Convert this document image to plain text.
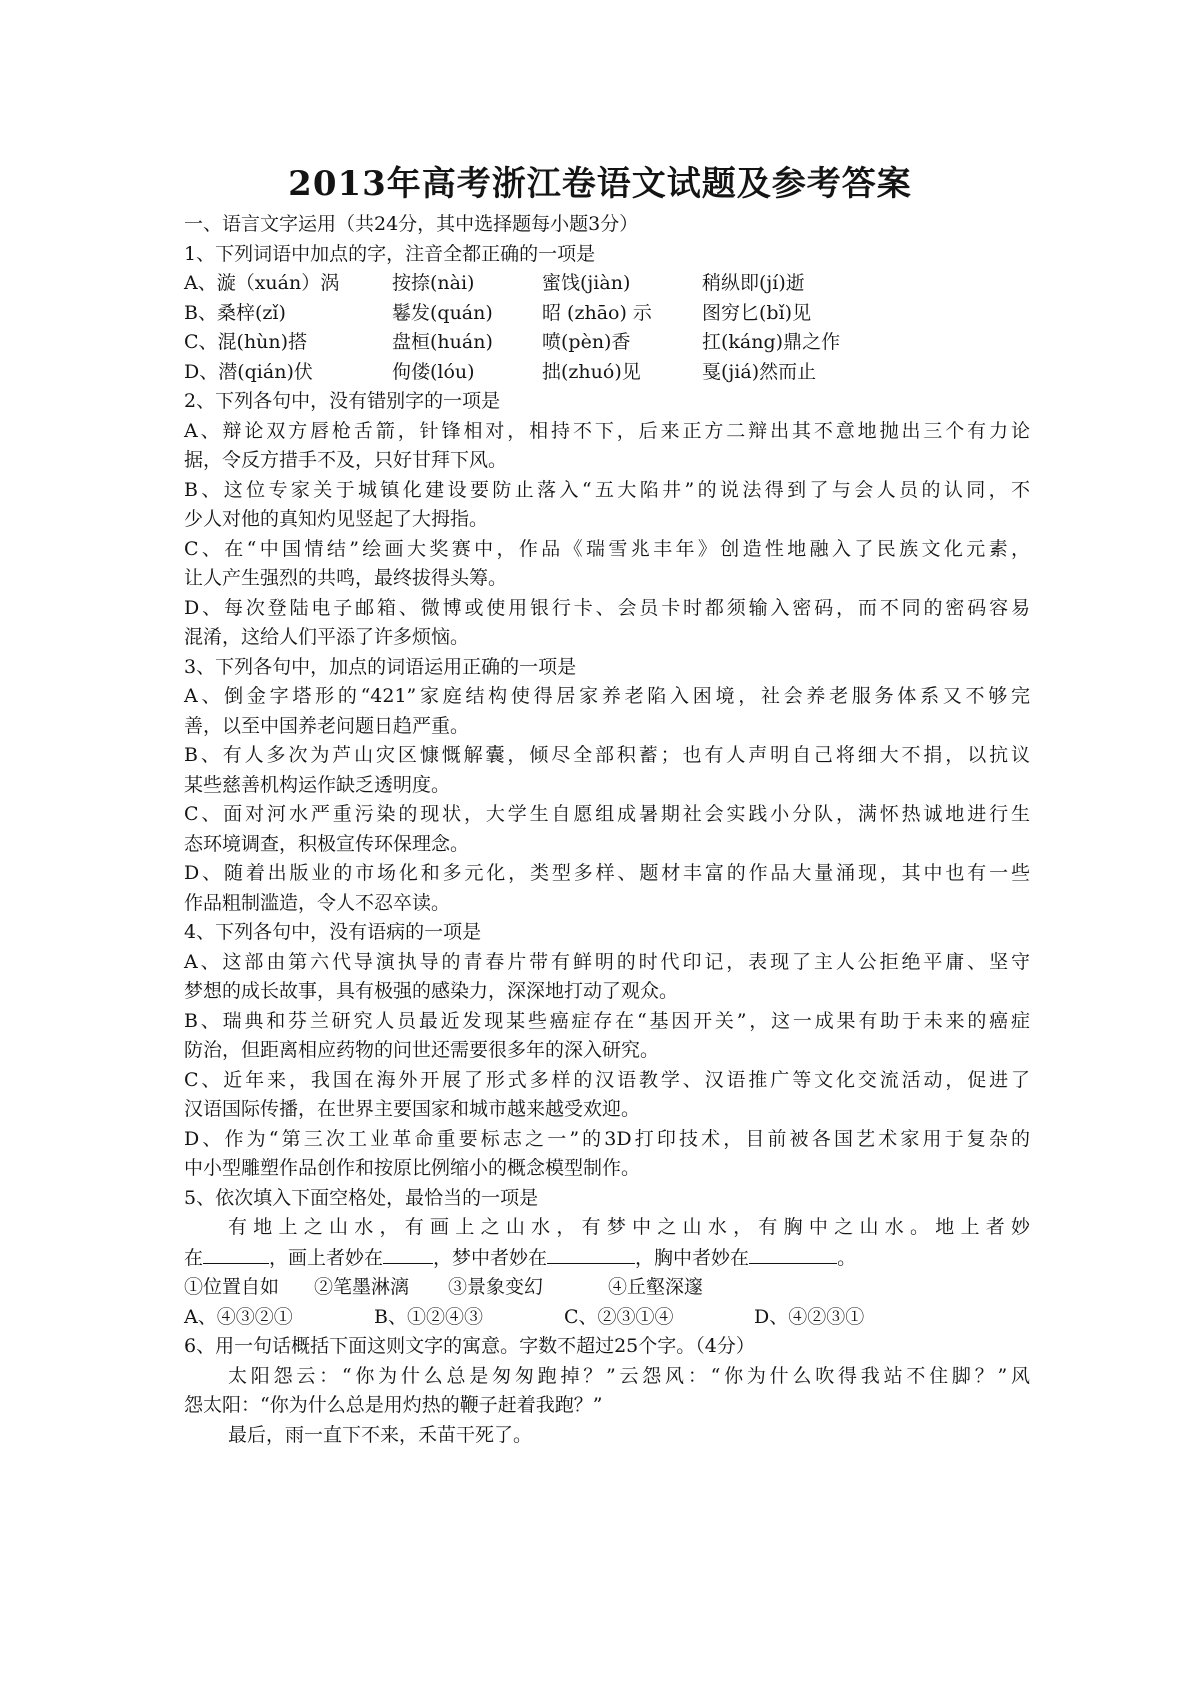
2013年高考浙江卷语文试题及参考答案
一、语言文字运用（共24分，其中选择题每小题3分）
1、下列词语中加点的字，注音全都正确的一项是
A、漩（xuán）涡	按捺(nài)	蜜饯(jiàn)	稍纵即(jí)逝
B、桑梓(zǐ)	鬈发(quán)	昭 (zhāo) 示	图穷匕(bǐ)见
C、混(hùn)搭	盘桓(huán)	喷(pèn)香	扛(káng)鼎之作
D、潜(qián)伏	佝偻(lóu)	拙(zhuó)见	戛(jiá)然而止
2、下列各句中，没有错别字的一项是
A、辩论双方唇枪舌箭，针锋相对，相持不下，后来正方二辩出其不意地抛出三个有力论
据，令反方措手不及，只好甘拜下风。
B、这位专家关于城镇化建设要防止落入“五大陷井”的说法得到了与会人员的认同，不
少人对他的真知灼见竖起了大拇指。
C、在“中国情结”绘画大奖赛中，作品《瑞雪兆丰年》创造性地融入了民族文化元素，
让人产生强烈的共鸣，最终拔得头筹。
D、每次登陆电子邮箱、微博或使用银行卡、会员卡时都须输入密码，而不同的密码容易
混淆，这给人们平添了许多烦恼。
3、下列各句中，加点的词语运用正确的一项是
A、倒金字塔形的“421”家庭结构使得居家养老陷入困境，社会养老服务体系又不够完
善，以至中国养老问题日趋严重。
B、有人多次为芦山灾区慷慨解囊，倾尽全部积蓄；也有人声明自己将细大不捐，以抗议
某些慈善机构运作缺乏透明度。
C、面对河水严重污染的现状，大学生自愿组成暑期社会实践小分队，满怀热诚地进行生
态环境调查，积极宣传环保理念。
D、随着出版业的市场化和多元化，类型多样、题材丰富的作品大量涌现，其中也有一些
作品粗制滥造，令人不忍卒读。
4、下列各句中，没有语病的一项是
A、这部由第六代导演执导的青春片带有鲜明的时代印记，表现了主人公拒绝平庸、坚守
梦想的成长故事，具有极强的感染力，深深地打动了观众。
B、瑞典和芬兰研究人员最近发现某些癌症存在“基因开关”，这一成果有助于未来的癌症
防治，但距离相应药物的问世还需要很多年的深入研究。
C、近年来，我国在海外开展了形式多样的汉语教学、汉语推广等文化交流活动，促进了
汉语国际传播，在世界主要国家和城市越来越受欢迎。
D、作为“第三次工业革命重要标志之一”的3D打印技术，目前被各国艺术家用于复杂的
中小型雕塑作品创作和按原比例缩小的概念模型制作。
5、依次填入下面空格处，最恰当的一项是
有地上之山水，有画上之山水，有梦中之山水，有胸中之山水。地上者妙
在	，画上者妙在	，梦中者妙在	，胸中者妙在	。
①位置自如	②笔墨淋漓	③景象变幻	④丘壑深邃
A、④③②①	B、①②④③	C、②③①④	D、④②③①
6、用一句话概括下面这则文字的寓意。字数不超过25个字。（4分）
太阳怨云：“你为什么总是匆匆跑掉？”云怨风：“你为什么吹得我站不住脚？”风
怨太阳：“你为什么总是用灼热的鞭子赶着我跑？”
最后，雨一直下不来，禾苗干死了。
